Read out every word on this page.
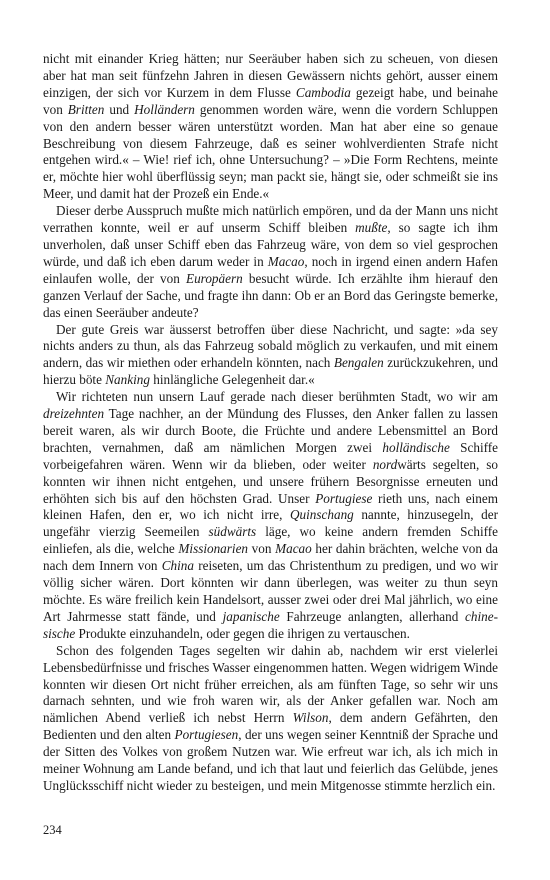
nicht mit einander Krieg hätten; nur Seeräuber haben sich zu scheuen, von diesen aber hat man seit fünfzehn Jahren in diesen Gewässern nichts gehört, ausser einem einzigen, der sich vor Kurzem in dem Flusse Cambodia gezeigt habe, und beinahe von Britten und Holländern genommen worden wäre, wenn die vordern Schluppen von den andern besser wären unterstützt worden. Man hat aber eine so genaue Beschreibung von diesem Fahrzeuge, daß es seiner wohlverdienten Strafe nicht entgehen wird.« – Wie! rief ich, ohne Untersuchung? – »Die Form Rechtens, meinte er, möchte hier wohl überflüssig seyn; man packt sie, hängt sie, oder schmeißt sie ins Meer, und damit hat der Prozeß ein Ende.«

Dieser derbe Ausspruch mußte mich natürlich empören, und da der Mann uns nicht verrathen konnte, weil er auf unserm Schiff bleiben mußte, so sagte ich ihm unverholen, daß unser Schiff eben das Fahrzeug wäre, von dem so viel gesprochen würde, und daß ich eben darum weder in Macao, noch in irgend einen andern Hafen einlaufen wolle, der von Europäern besucht würde. Ich erzählte ihm hierauf den ganzen Verlauf der Sache, und fragte ihn dann: Ob er an Bord das Geringste bemerke, das einen Seeräuber andeute?

Der gute Greis war äusserst betroffen über diese Nachricht, und sagte: »da sey nichts anders zu thun, als das Fahrzeug sobald möglich zu verkaufen, und mit einem andern, das wir miethen oder erhandeln könnten, nach Bengalen zurückzukehren, und hierzu böte Nanking hinlängliche Gelegenheit dar.«

Wir richteten nun unsern Lauf gerade nach dieser berühmten Stadt, wo wir am dreizehnten Tage nachher, an der Mündung des Flusses, den Anker fallen zu lassen bereit waren, als wir durch Boote, die Früchte und andere Lebensmittel an Bord brachten, vernahmen, daß am nämlichen Morgen zwei holländische Schiffe vorbeigefahren wären. Wenn wir da blieben, oder weiter nordwärts segelten, so konnten wir ihnen nicht entgehen, und unsere frühern Besorgnisse erneuten und erhöhten sich bis auf den höchsten Grad. Unser Portugiese rieth uns, nach einem kleinen Hafen, den er, wo ich nicht irre, Quinschang nannte, hinzusegeln, der ungefähr vierzig Seemeilen südwärts läge, wo keine andern fremden Schiffe einliefen, als die, welche Missionarien von Macao her dahin brächten, welche von da nach dem Innern von China reiseten, um das Christenthum zu predigen, und wo wir völlig sicher wären. Dort könnten wir dann überlegen, was weiter zu thun seyn möchte. Es wäre freilich kein Handelsort, ausser zwei oder drei Mal jährlich, wo eine Art Jahrmesse statt fände, und japanische Fahrzeuge anlangten, allerhand chine-sische Produkte einzuhandeln, oder gegen die ihrigen zu vertauschen.

Schon des folgenden Tages segelten wir dahin ab, nachdem wir erst vielerlei Lebensbedürfnisse und frisches Wasser eingenommen hatten. Wegen widrigem Winde konnten wir diesen Ort nicht früher erreichen, als am fünften Tage, so sehr wir uns darnach sehnten, und wie froh waren wir, als der Anker gefallen war. Noch am nämlichen Abend verließ ich nebst Herrn Wilson, dem andern Gefährten, den Bedienten und den alten Portugiesen, der uns wegen seiner Kenntniß der Sprache und der Sitten des Volkes von großem Nutzen war. Wie erfreut war ich, als ich mich in meiner Wohnung am Lande befand, und ich that laut und feierlich das Gelübde, jenes Unglücksschiff nicht wieder zu besteigen, und mein Mitgenosse stimmte herzlich ein.

234
